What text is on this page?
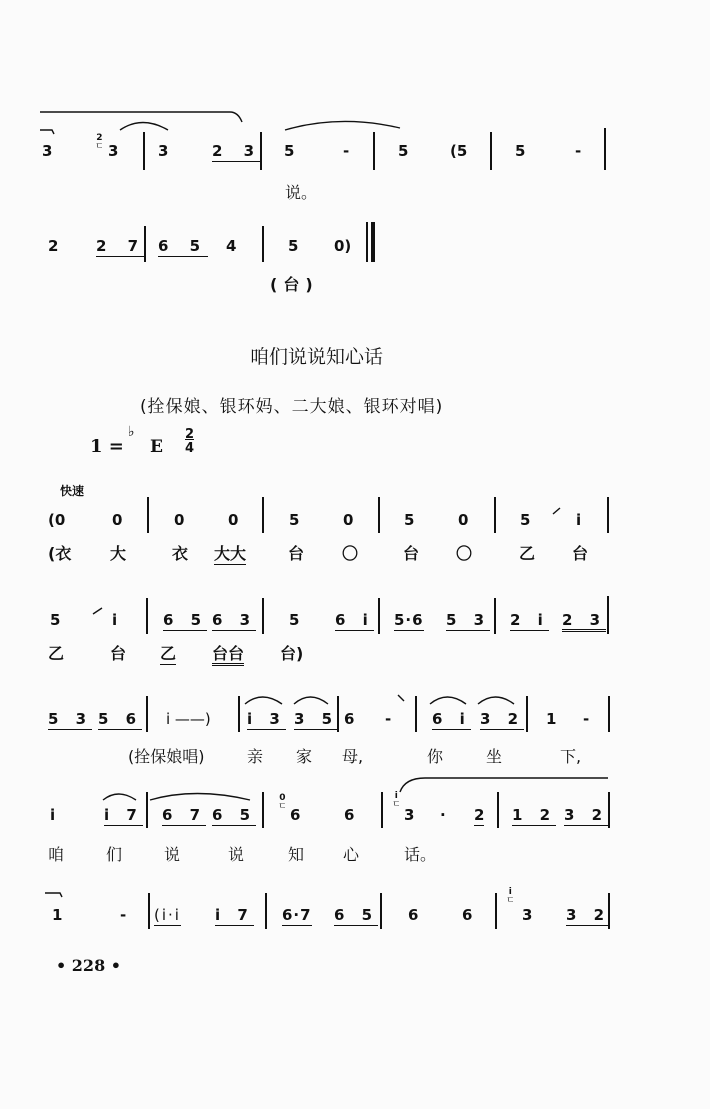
3
2
ㄷ 3	3	2 3 5	-	5	(5	5	-
说。
2	2 7 6 5 4	5 0)
(台)
咱们说说知心话
(拴保娘、银环妈、二大娘、银环对唱)
1 =
♭
E
2
4
快速
(0	0	0	0	5	0	5	0	5	i
(衣 大	衣 大大	台 〇	台 〇	乙 台
5	i	6 5 6 3 5 6 i 5·6 5 3 2 i 2 3
乙	台 乙 台台 台)
5 3 5 6 i ——) i 3 3 5 6 -	6 i 3 2 1 -
(拴保娘唱)	亲 家 母,	你	坐	下,
i	i 7 6 7 6 5
0
ㄷ 6	6
i
ㄷ
3 · 2 1 2 3 2
咱	们	说	说	知 心	话。
1	- (i·i i 7 6·7 6 5 6	6
i
ㄷ
3 3 2
• 228 •
